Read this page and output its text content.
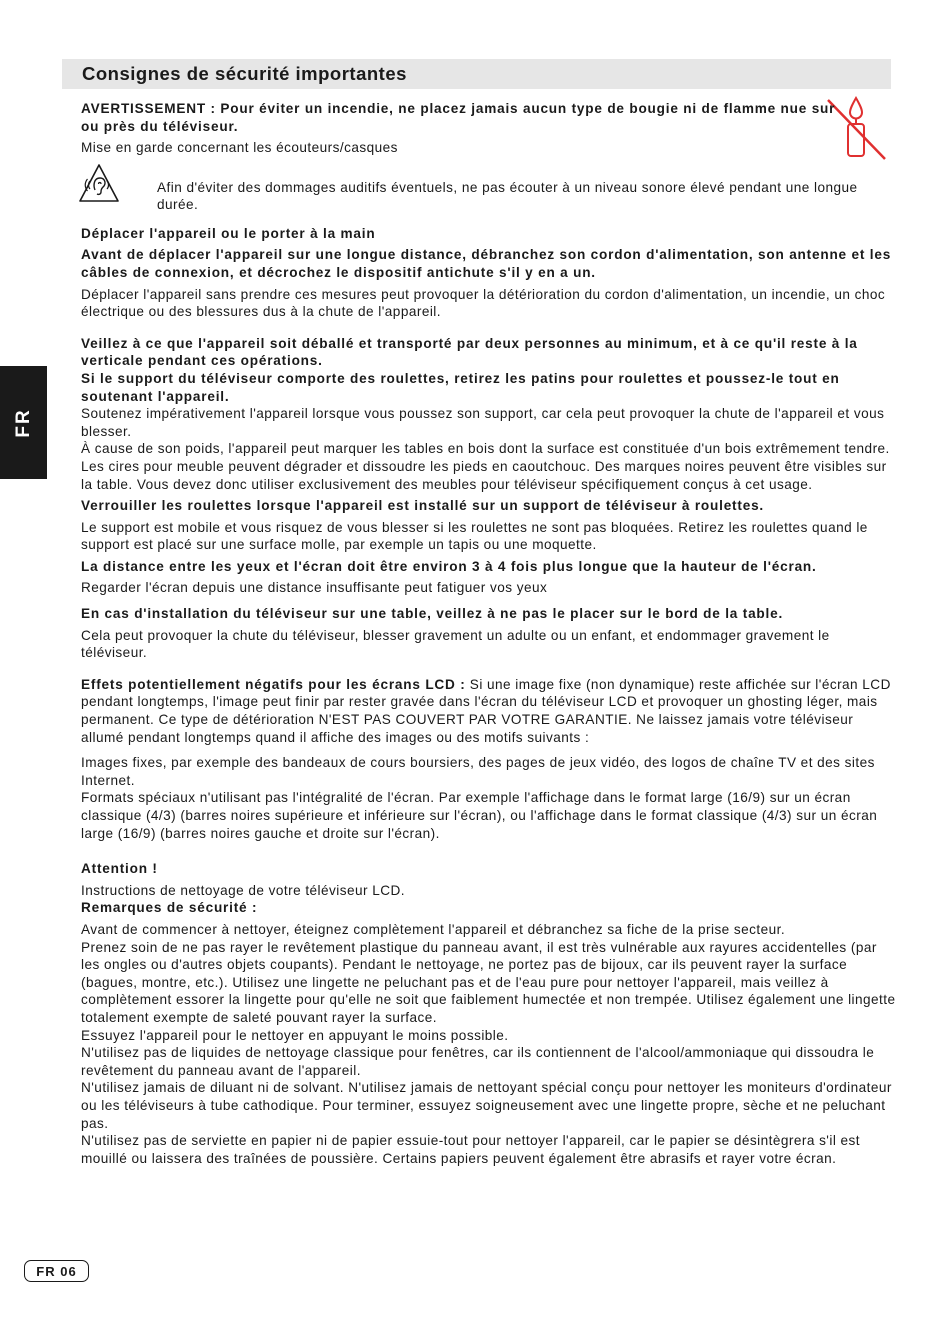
Consignes de sécurité importantes
FR

AVERTISSEMENT : Pour éviter un incendie, ne placez jamais aucun type de bougie ni de flamme nue sur ou près du téléviseur.

Mise en garde concernant les écouteurs/casques

Afin d'éviter des dommages auditifs éventuels, ne pas écouter à un niveau sonore élevé pendant une longue durée.

Déplacer l'appareil ou le porter à la main

Avant de déplacer l'appareil sur une longue distance, débranchez son cordon d'alimentation, son antenne et les câbles de connexion, et décrochez le dispositif antichute s'il y en a un.

Déplacer l'appareil sans prendre ces mesures peut provoquer la détérioration du cordon d'alimentation, un incendie, un choc électrique ou des blessures dus à la chute de l'appareil.

Veillez à ce que l'appareil soit déballé et transporté par deux personnes au minimum, et à ce qu'il reste à la verticale pendant ces opérations.

Si le support du téléviseur comporte des roulettes, retirez les patins pour roulettes et poussez-le tout en soutenant l'appareil.

Soutenez impérativement l'appareil lorsque vous poussez son support, car cela peut provoquer la chute de l'appareil et vous blesser.

À cause de son poids, l'appareil peut marquer les tables en bois dont la surface est constituée d'un bois extrêmement tendre.

Les cires pour meuble peuvent dégrader et dissoudre les pieds en caoutchouc. Des marques noires peuvent être visibles sur la table. Vous devez donc utiliser exclusivement des meubles pour téléviseur spécifiquement conçus à cet usage.

Verrouiller les roulettes lorsque l'appareil est installé sur un support de téléviseur à roulettes.

Le support est mobile et vous risquez de vous blesser si les roulettes ne sont pas bloquées. Retirez les roulettes quand le support est placé sur une surface molle, par exemple un tapis ou une moquette.

La distance entre les yeux et l'écran doit être environ 3 à 4 fois plus longue que la hauteur de l'écran.

Regarder l'écran depuis une distance insuffisante peut fatiguer vos yeux

En cas d'installation du téléviseur sur une table, veillez à ne pas le placer sur le bord de la table.

Cela peut provoquer la chute du téléviseur, blesser gravement un adulte ou un enfant, et endommager gravement le téléviseur.

Effets potentiellement négatifs pour les écrans LCD : Si une image fixe (non dynamique) reste affichée sur l'écran LCD pendant longtemps, l'image peut finir par rester gravée dans l'écran du téléviseur LCD et provoquer un ghosting léger, mais permanent. Ce type de détérioration N'EST PAS COUVERT PAR VOTRE GARANTIE. Ne laissez jamais votre téléviseur allumé pendant longtemps quand il affiche des images ou des motifs suivants :

Images fixes, par exemple des bandeaux de cours boursiers, des pages de jeux vidéo, des logos de chaîne TV et des sites Internet.

Formats spéciaux n'utilisant pas l'intégralité de l'écran. Par exemple l'affichage dans le format large (16/9) sur un écran classique (4/3) (barres noires supérieure et inférieure sur l'écran), ou l'affichage dans le format classique (4/3) sur un écran large (16/9) (barres noires gauche et droite sur l'écran).

Attention !

Instructions de nettoyage de votre téléviseur LCD.

Remarques de sécurité :

Avant de commencer à nettoyer, éteignez complètement l'appareil et débranchez sa fiche de la prise secteur.

Prenez soin de ne pas rayer le revêtement plastique du panneau avant, il est très vulnérable aux rayures accidentelles (par les ongles ou d'autres objets coupants). Pendant le nettoyage, ne portez pas de bijoux, car ils peuvent rayer la surface (bagues, montre, etc.). Utilisez une lingette ne peluchant pas et de l'eau pure pour nettoyer l'appareil, mais veillez à complètement essorer la lingette pour qu'elle ne soit que faiblement humectée et non trempée. Utilisez également une lingette totalement exempte de saleté pouvant rayer la surface.

Essuyez l'appareil pour le nettoyer en appuyant le moins possible.

N'utilisez pas de liquides de nettoyage classique pour fenêtres, car ils contiennent de l'alcool/ammoniaque qui dissoudra le revêtement du panneau avant de l'appareil.

N'utilisez jamais de diluant ni de solvant. N'utilisez jamais de nettoyant spécial conçu pour nettoyer les moniteurs d'ordinateur ou les téléviseurs à tube cathodique. Pour terminer, essuyez soigneusement avec une lingette propre, sèche et ne peluchant pas.

N'utilisez pas de serviette en papier ni de papier essuie-tout pour nettoyer l'appareil, car le papier se désintègrera s'il est mouillé ou laissera des traînées de poussière. Certains papiers peuvent également être abrasifs et rayer votre écran.

FR 06
